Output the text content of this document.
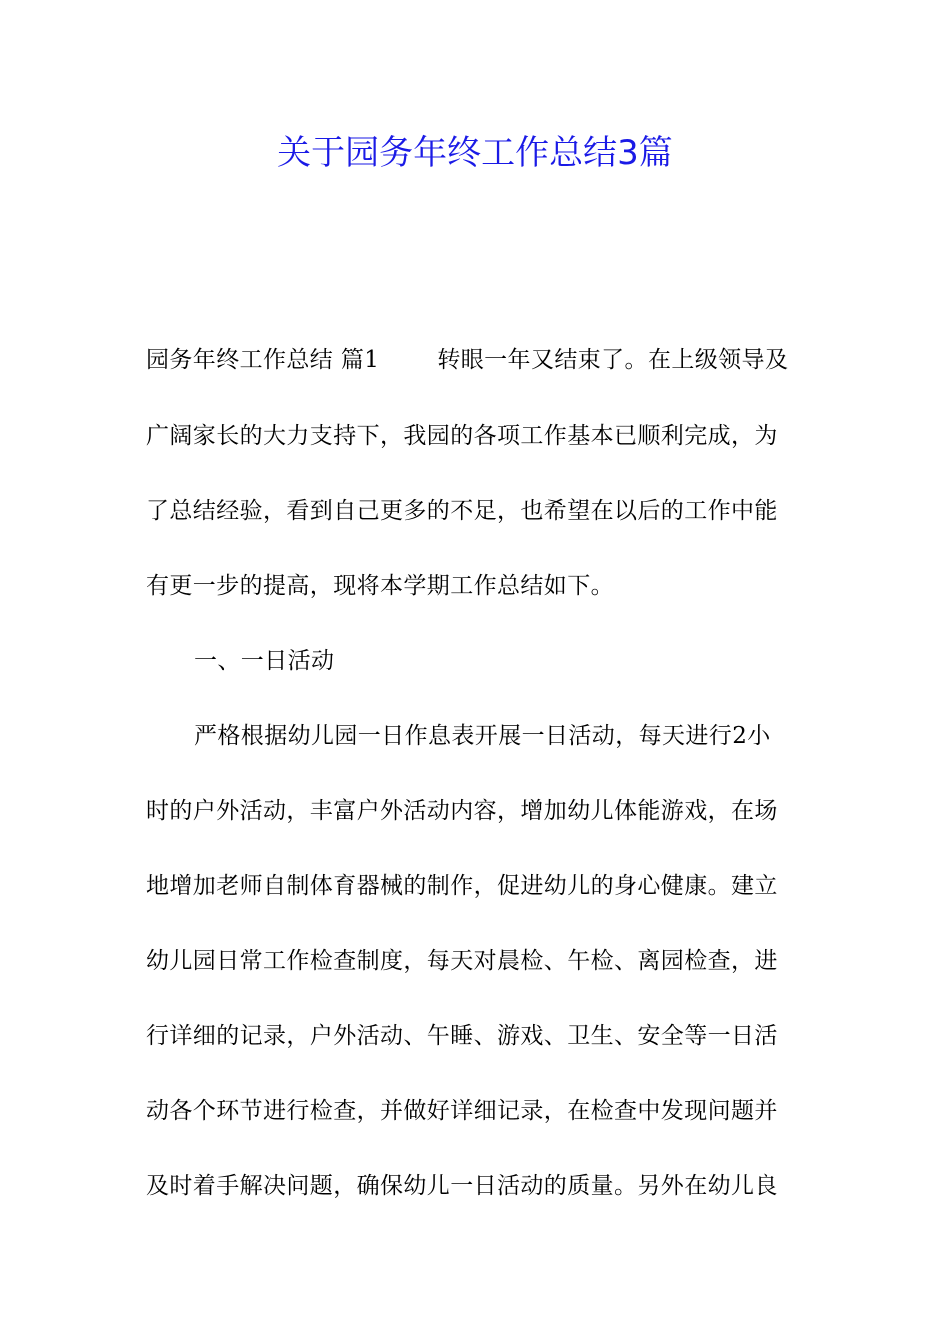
关于园务年终工作总结3篇
园务年终工作总结 篇1	转眼一年又结束了。在上级领导及
广阔家长的大力支持下，我园的各项工作基本已顺利完成，为
了总结经验，看到自己更多的不足，也希望在以后的工作中能
有更一步的提高，现将本学期工作总结如下。
一、一日活动
严格根据幼儿园一日作息表开展一日活动，每天进行2小
时的户外活动，丰富户外活动内容，增加幼儿体能游戏，在场
地增加老师自制体育器械的制作，促进幼儿的身心健康。建立
幼儿园日常工作检查制度，每天对晨检、午检、离园检查，进
行详细的记录，户外活动、午睡、游戏、卫生、安全等一日活
动各个环节进行检查，并做好详细记录，在检查中发现问题并
及时着手解决问题，确保幼儿一日活动的质量。另外在幼儿良
